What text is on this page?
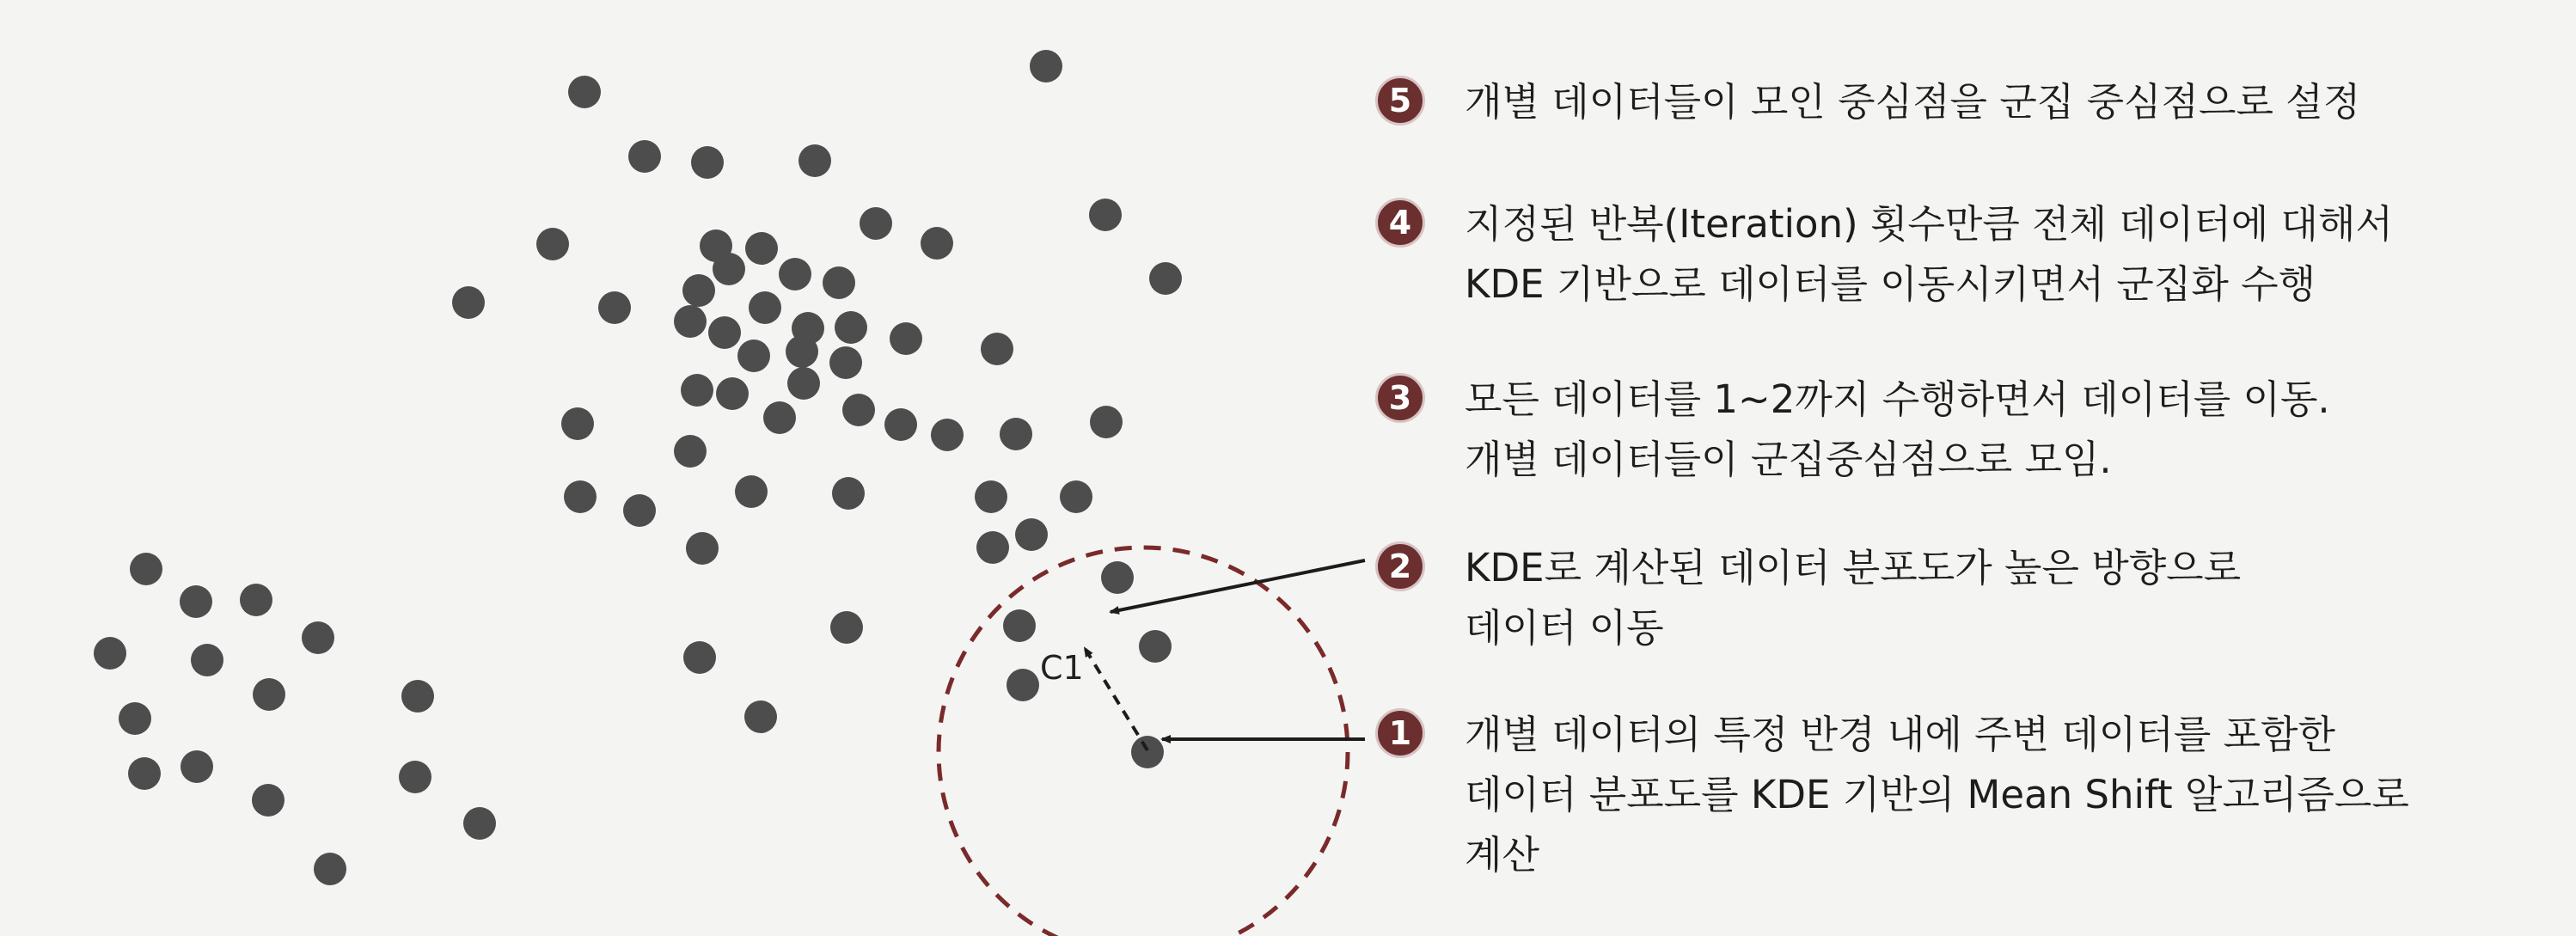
C1
5	개별 데이터들이 모인 중심점을 군집 중심점으로 설정
4	지정된 반복(Iteration) 횟수만큼 전체 데이터에 대해서
KDE 기반으로 데이터를 이동시키면서 군집화 수행
3	모든 데이터를 1~2까지 수행하면서 데이터를 이동.
개별 데이터들이 군집중심점으로 모임.
2	KDE로 계산된 데이터 분포도가 높은 방향으로
데이터 이동
1	개별 데이터의 특정 반경 내에 주변 데이터를 포함한
데이터 분포도를 KDE 기반의 Mean Shift 알고리즘으로
계산
